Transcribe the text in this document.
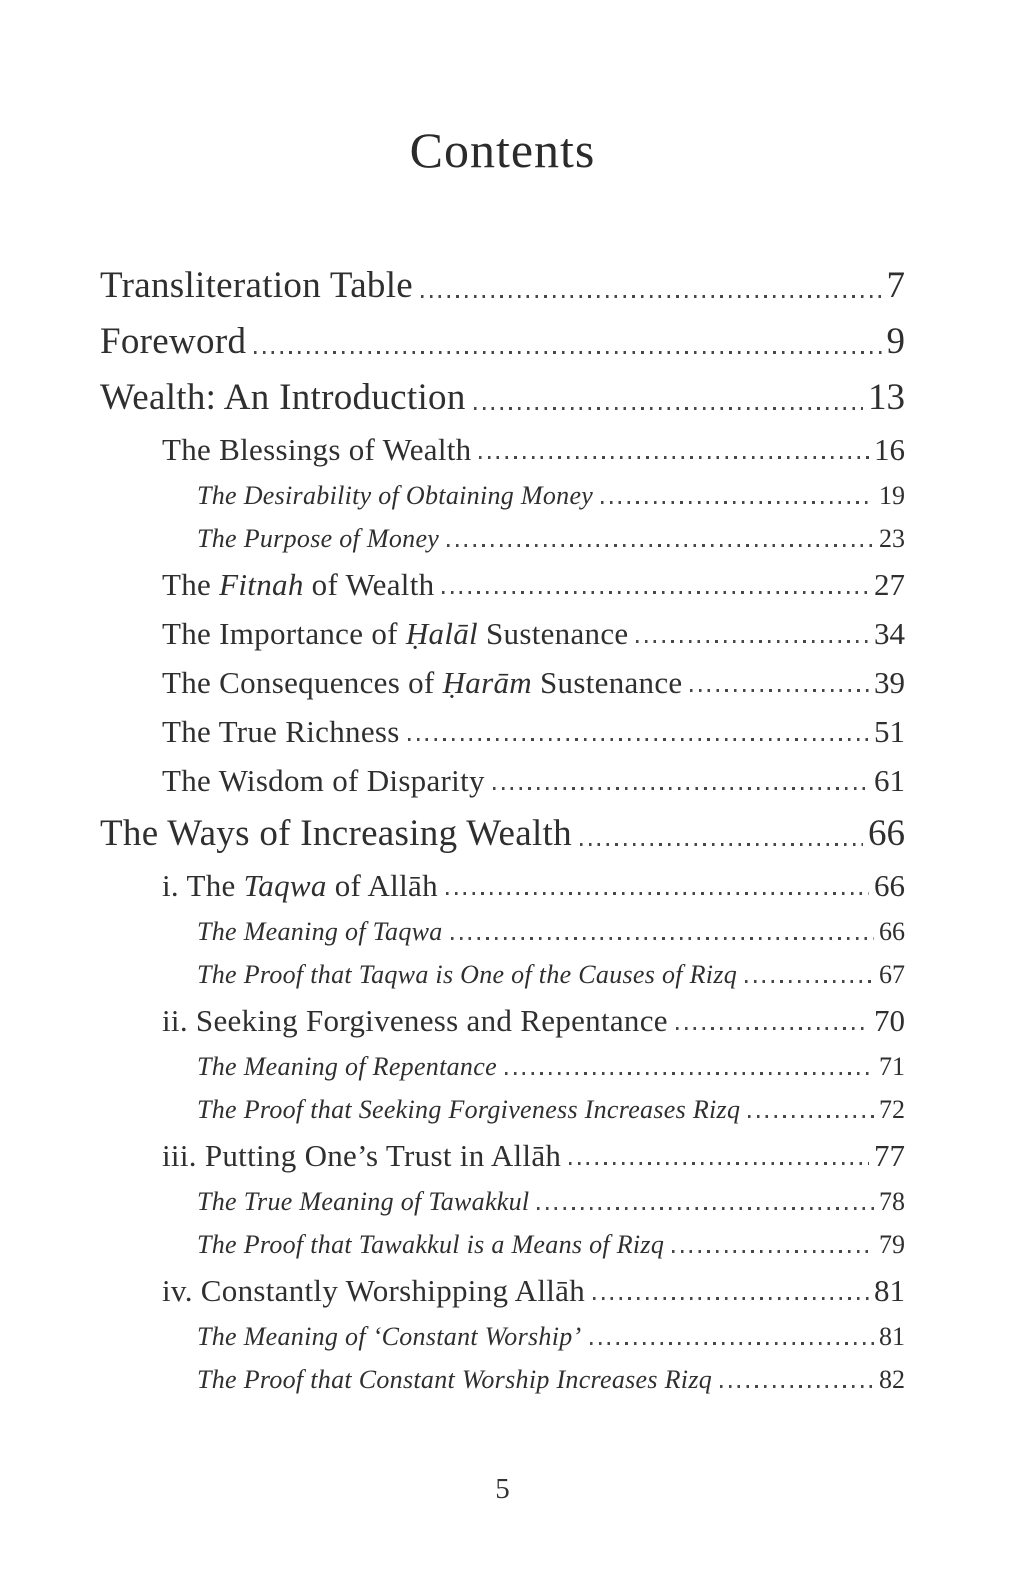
Contents
Transliteration Table	7
Foreword	9
Wealth: An Introduction	13
The Blessings of Wealth	16
The Desirability of Obtaining Money	19
The Purpose of Money	23
The Fitnah of Wealth	27
The Importance of Ḥalāl Sustenance	34
The Consequences of Ḥarām Sustenance	39
The True Richness	51
The Wisdom of Disparity	61
The Ways of Increasing Wealth	66
i. The Taqwa of Allāh	66
The Meaning of Taqwa	66
The Proof that Taqwa is One of the Causes of Rizq	67
ii. Seeking Forgiveness and Repentance	70
The Meaning of Repentance	71
The Proof that Seeking Forgiveness Increases Rizq	72
iii. Putting One’s Trust in Allāh	77
The True Meaning of Tawakkul	78
The Proof that Tawakkul is a Means of Rizq	79
iv. Constantly Worshipping Allāh	81
The Meaning of ‘Constant Worship’	81
The Proof that Constant Worship Increases Rizq	82
5
